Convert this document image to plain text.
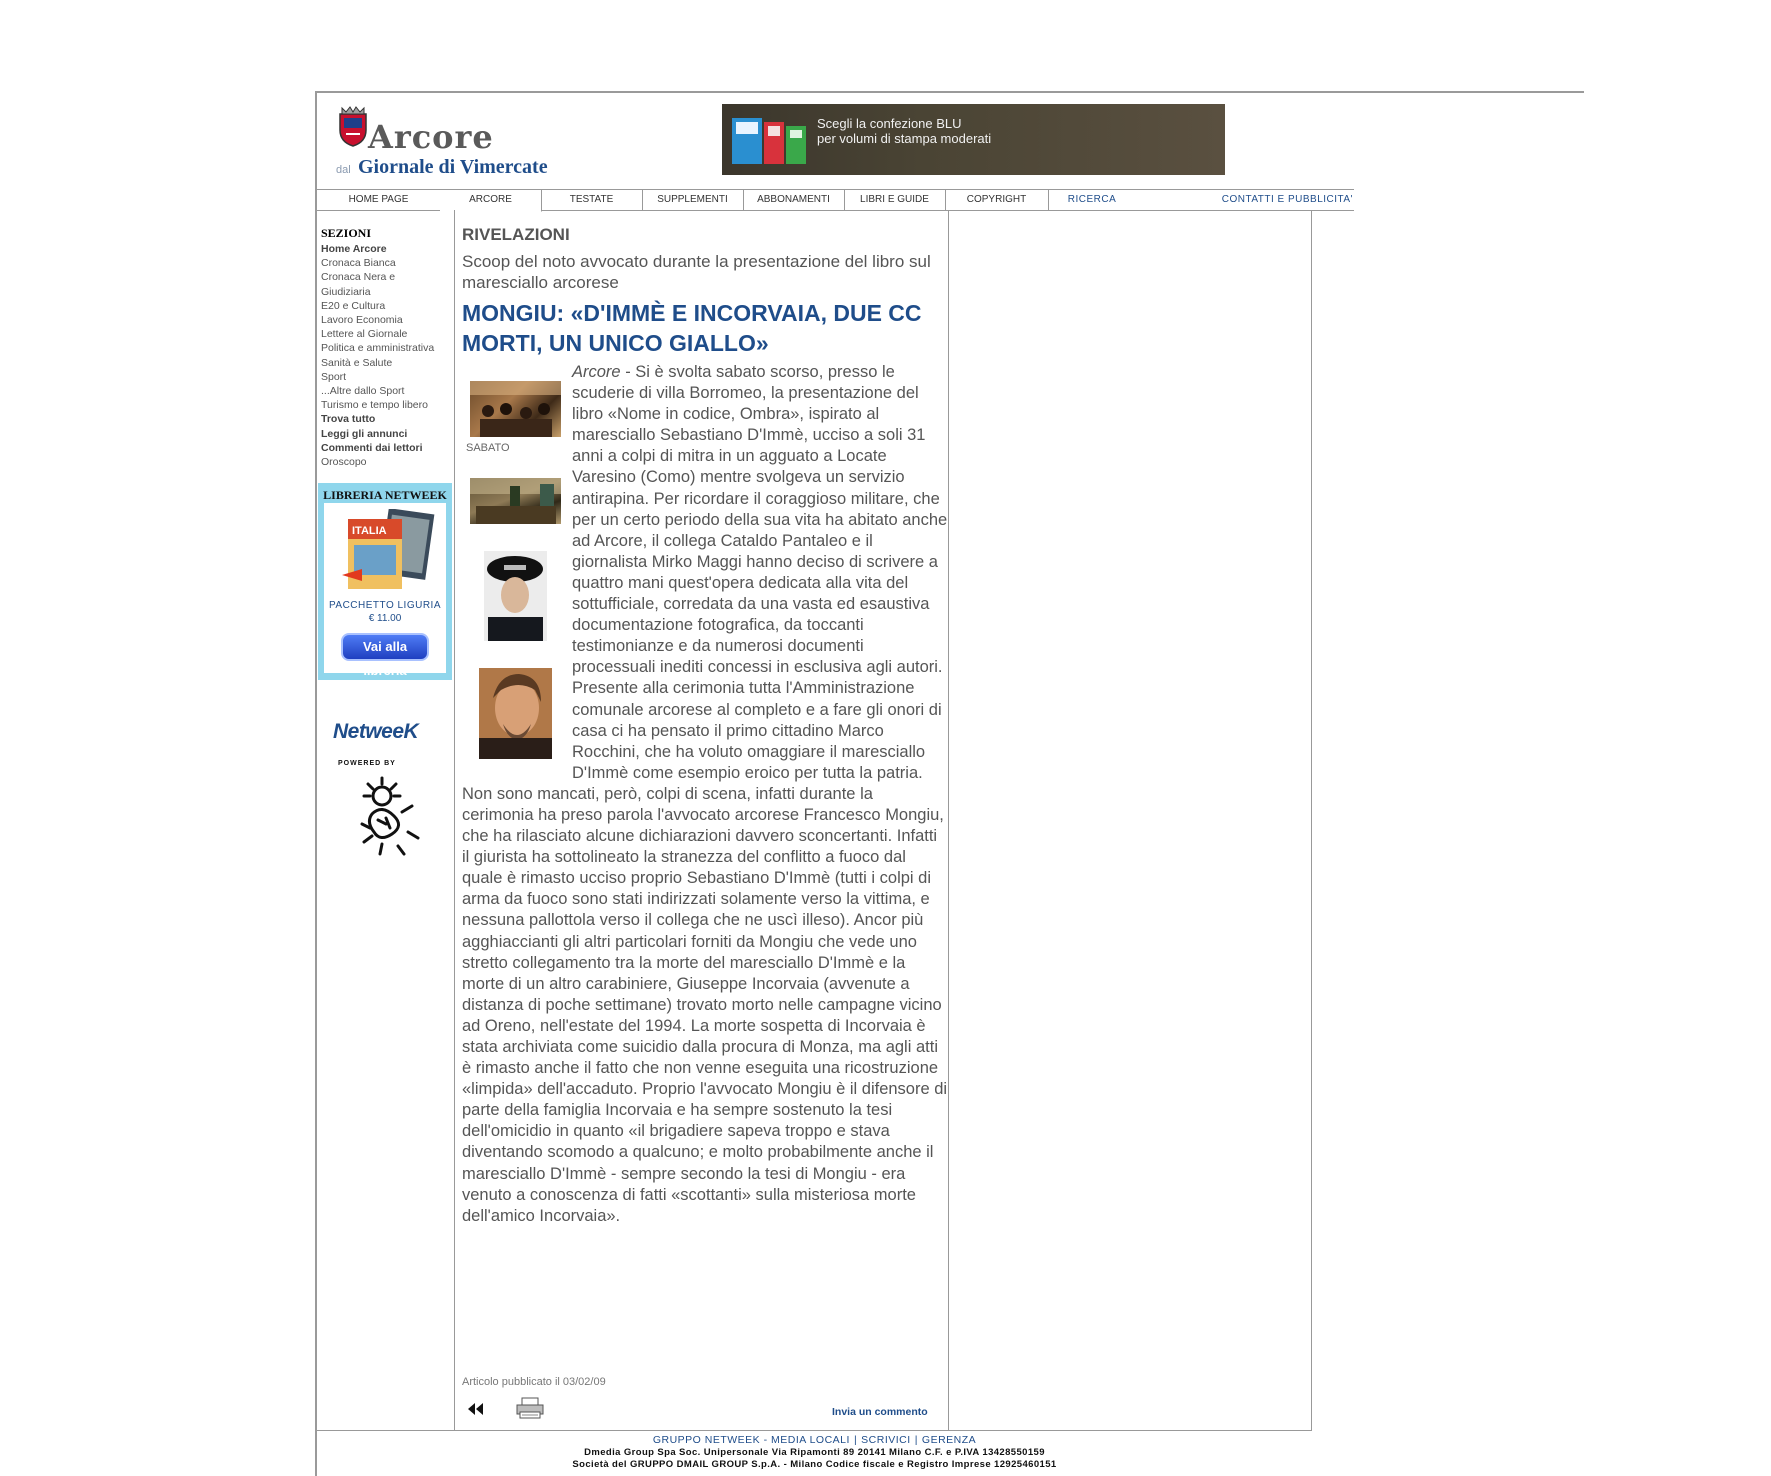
Arcore
dal Giornale di Vimercate
Scegli la confezione BLU
per volumi di stampa moderati
HOME PAGE	ARCORE	TESTATE	SUPPLEMENTI	ABBONAMENTI	LIBRI E GUIDE	COPYRIGHT	RICERCA	CONTATTI E PUBBLICITA'
SEZIONI
Home Arcore
Cronaca Bianca
Cronaca Nera e Giudiziaria
E20 e Cultura
Lavoro Economia
Lettere al Giornale
Politica e amministrativa
Sanità e Salute
Sport
...Altre dallo Sport
Turismo e tempo libero
Trova tutto
Leggi gli annunci
Commenti dai lettori
Oroscopo
LIBRERIA NETWEEK
ITALIA
PACCHETTO LIGURIA
€ 11.00
Vai alla libreria
NetweeK
POWERED BY
RIVELAZIONI
Scoop del noto avvocato durante la presentazione del libro sul maresciallo arcorese
MONGIU: «D'IMMÈ E INCORVAIA, DUE CC MORTI, UN UNICO GIALLO»
Arcore - Si è svolta sabato scorso, presso le scuderie di villa Borromeo, la presentazione del libro «Nome in codice, Ombra», ispirato al maresciallo Sebastiano D'Immè, ucciso a soli 31 anni a colpi di mitra in un agguato a Locate Varesino (Como) mentre svolgeva un servizio antirapina. Per ricordare il coraggioso militare, che per un certo periodo della sua vita ha abitato anche ad Arcore, il collega Cataldo Pantaleo e il giornalista Mirko Maggi hanno deciso di scrivere a quattro mani quest'opera dedicata alla vita del sottufficiale, corredata da una vasta ed esaustiva documentazione fotografica, da toccanti testimonianze e da numerosi documenti processuali inediti concessi in esclusiva agli autori. Presente alla cerimonia tutta l'Amministrazione comunale arcorese al completo e a fare gli onori di casa ci ha pensato il primo cittadino Marco Rocchini, che ha voluto omaggiare il maresciallo D'Immè come esempio eroico per tutta la patria. Non sono mancati, però, colpi di scena, infatti durante la cerimonia ha preso parola l'avvocato arcorese Francesco Mongiu, che ha rilasciato alcune dichiarazioni davvero sconcertanti. Infatti il giurista ha sottolineato la stranezza del conflitto a fuoco dal quale è rimasto ucciso proprio Sebastiano D'Immè (tutti i colpi di arma da fuoco sono stati indirizzati solamente verso la vittima, e nessuna pallottola verso il collega che ne uscì illeso). Ancor più agghiaccianti gli altri particolari forniti da Mongiu che vede uno stretto collegamento tra la morte del maresciallo D'Immè e la morte di un altro carabiniere, Giuseppe Incorvaia (avvenute a distanza di poche settimane) trovato morto nelle campagne vicino ad Oreno, nell'estate del 1994. La morte sospetta di Incorvaia è stata archiviata come suicidio dalla procura di Monza, ma agli atti è rimasto anche il fatto che non venne eseguita una ricostruzione «limpida» dell'accaduto. Proprio l'avvocato Mongiu è il difensore di parte della famiglia Incorvaia e ha sempre sostenuto la tesi dell'omicidio in quanto «il brigadiere sapeva troppo e stava diventando scomodo a qualcuno; e molto probabilmente anche il maresciallo D'Immè - sempre secondo la tesi di Mongiu - era venuto a conoscenza di fatti «scottanti» sulla misteriosa morte dell'amico Incorvaia».
SABATO
Articolo pubblicato il 03/02/09
Invia un commento
GRUPPO NETWEEK - MEDIA LOCALI | SCRIVICI | GERENZA
Dmedia Group Spa Soc. Unipersonale Via Ripamonti 89 20141 Milano C.F. e P.IVA 13428550159
Società del GRUPPO DMAIL GROUP S.p.A. - Milano Codice fiscale e Registro Imprese 12925460151
